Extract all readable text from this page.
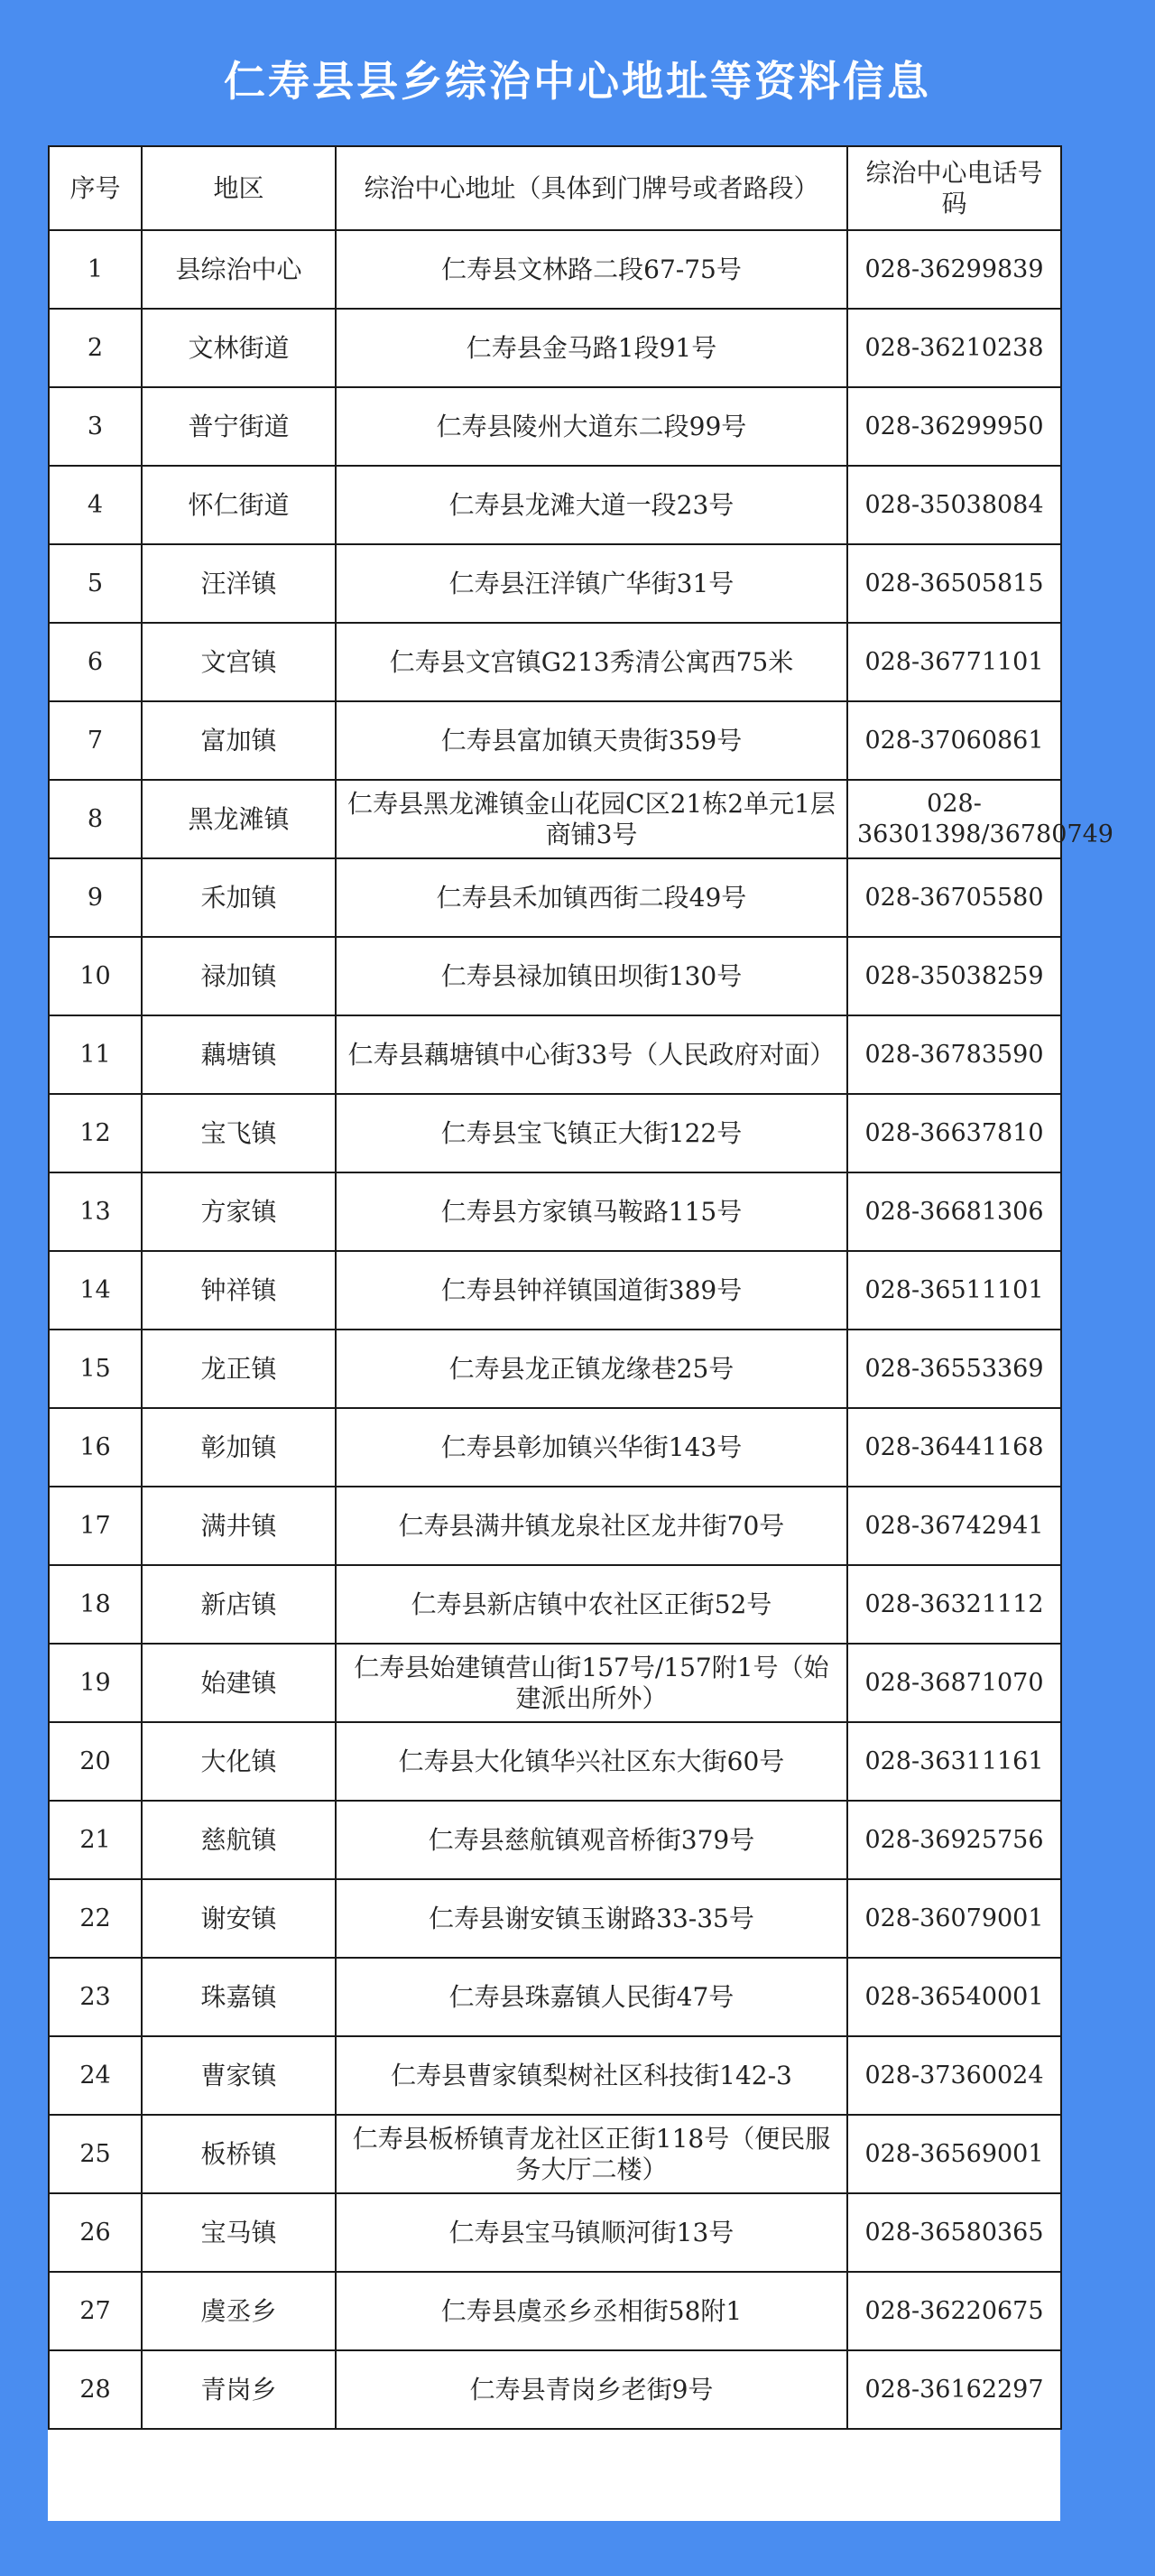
仁寿县县乡综治中心地址等资料信息
序号	地区	综治中心地址（具体到门牌号或者路段）	综治中心电话号码
1	县综治中心	仁寿县文林路二段67-75号	028-36299839
2	文林街道	仁寿县金马路1段91号	028-36210238
3	普宁街道	仁寿县陵州大道东二段99号	028-36299950
4	怀仁街道	仁寿县龙滩大道一段23号	028-35038084
5	汪洋镇	仁寿县汪洋镇广华街31号	028-36505815
6	文宫镇	仁寿县文宫镇G213秀清公寓西75米	028-36771101
7	富加镇	仁寿县富加镇天贵街359号	028-37060861
8	黑龙滩镇	仁寿县黑龙滩镇金山花园C区21栋2单元1层商铺3号	028-36301398/36780749
9	禾加镇	仁寿县禾加镇西街二段49号	028-36705580
10	禄加镇	仁寿县禄加镇田坝街130号	028-35038259
11	藕塘镇	仁寿县藕塘镇中心街33号（人民政府对面）	028-36783590
12	宝飞镇	仁寿县宝飞镇正大街122号	028-36637810
13	方家镇	仁寿县方家镇马鞍路115号	028-36681306
14	钟祥镇	仁寿县钟祥镇国道街389号	028-36511101
15	龙正镇	仁寿县龙正镇龙缘巷25号	028-36553369
16	彰加镇	仁寿县彰加镇兴华街143号	028-36441168
17	满井镇	仁寿县满井镇龙泉社区龙井街70号	028-36742941
18	新店镇	仁寿县新店镇中农社区正街52号	028-36321112
19	始建镇	仁寿县始建镇营山街157号/157附1号（始建派出所外）	028-36871070
20	大化镇	仁寿县大化镇华兴社区东大街60号	028-36311161
21	慈航镇	仁寿县慈航镇观音桥街379号	028-36925756
22	谢安镇	仁寿县谢安镇玉谢路33-35号	028-36079001
23	珠嘉镇	仁寿县珠嘉镇人民街47号	028-36540001
24	曹家镇	仁寿县曹家镇梨树社区科技街142-3	028-37360024
25	板桥镇	仁寿县板桥镇青龙社区正街118号（便民服务大厅二楼）	028-36569001
26	宝马镇	仁寿县宝马镇顺河街13号	028-36580365
27	虞丞乡	仁寿县虞丞乡丞相街58附1	028-36220675
28	青岗乡	仁寿县青岗乡老街9号	028-36162297
